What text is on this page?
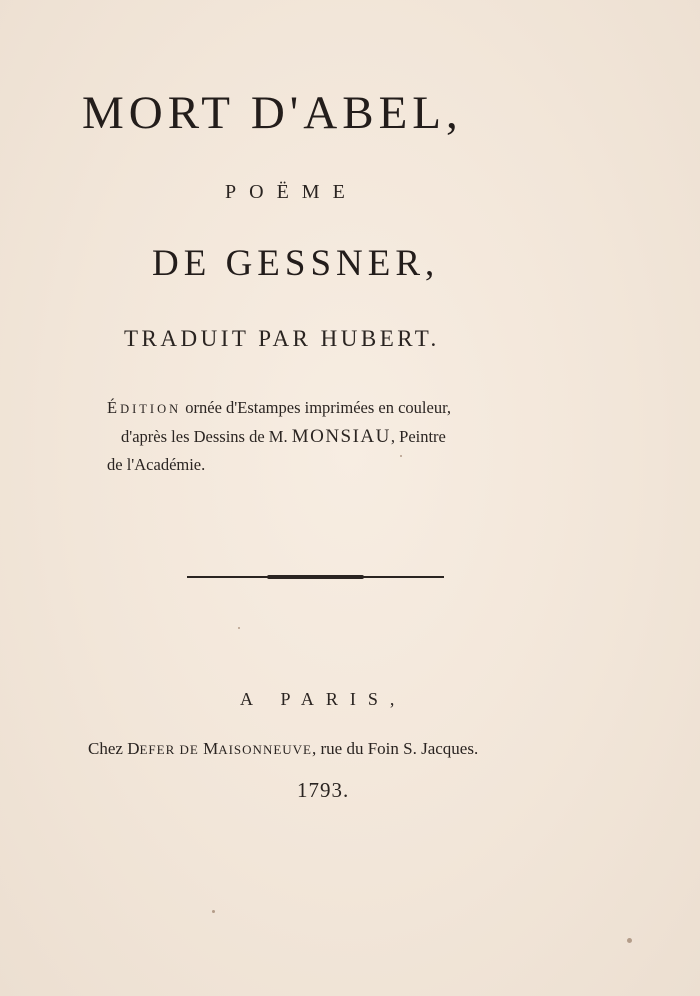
MORT D'ABEL,
POËME
DE GESSNER,
TRADUIT PAR HUBERT.
ÉDITION ornée d'Estampes imprimées en couleur,
d'après les Dessins de M. MONSIAU, Peintre
de l'Académie.
A PARIS,
Chez DEFER DE MAISONNEUVE, rue du Foin S. Jacques.
1793.
